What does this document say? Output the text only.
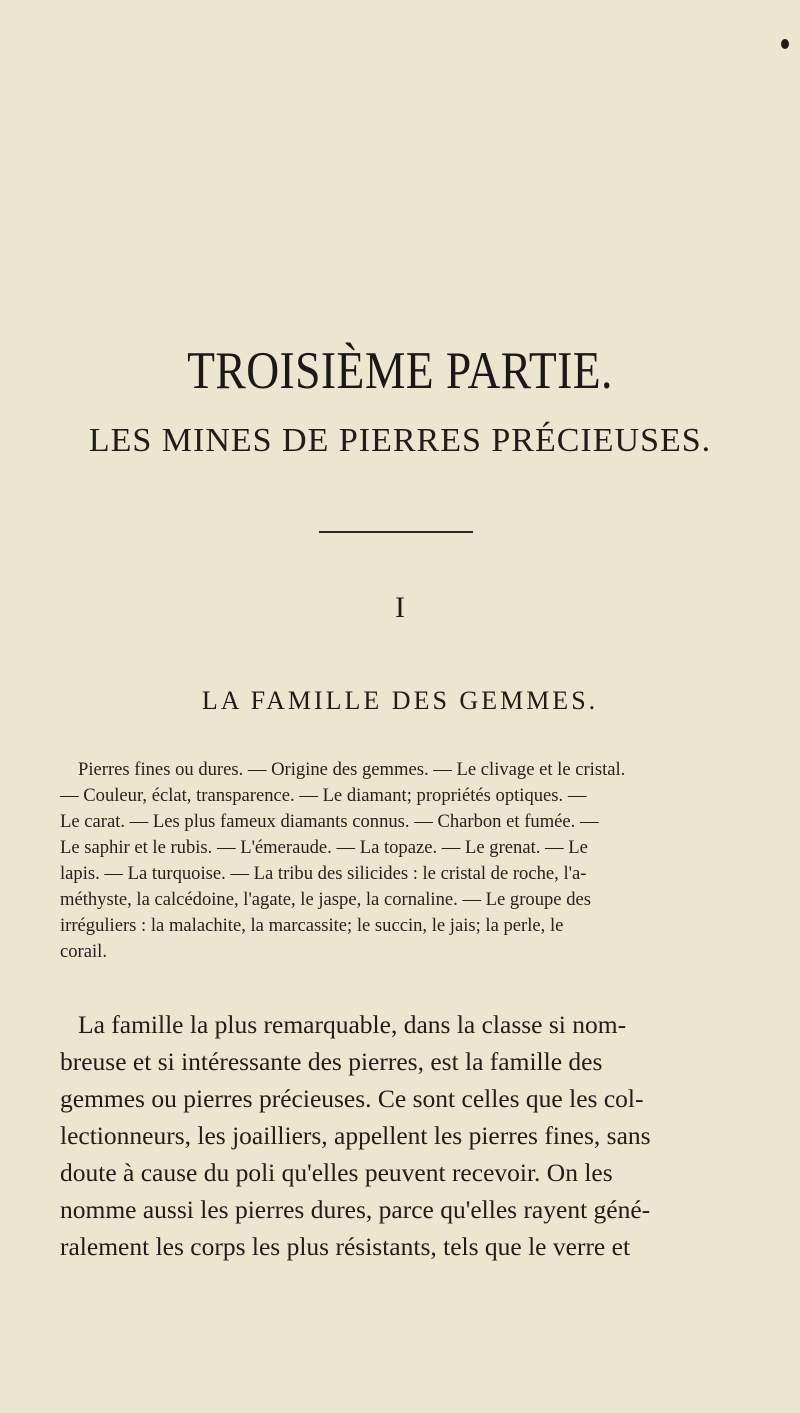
TROISIÈME PARTIE.
LES MINES DE PIERRES PRÉCIEUSES.
I
LA FAMILLE DES GEMMES.
Pierres fines ou dures. — Origine des gemmes. — Le clivage et le cristal.
— Couleur, éclat, transparence. — Le diamant; propriétés optiques. —
Le carat. — Les plus fameux diamants connus. — Charbon et fumée. —
Le saphir et le rubis. — L'émeraude. — La topaze. — Le grenat. — Le
lapis. — La turquoise. — La tribu des silicides : le cristal de roche, l'a-
méthyste, la calcédoine, l'agate, le jaspe, la cornaline. — Le groupe des
irréguliers : la malachite, la marcassite; le succin, le jais; la perle, le
corail.
La famille la plus remarquable, dans la classe si nom-
breuse et si intéressante des pierres, est la famille des
gemmes ou pierres précieuses. Ce sont celles que les col-
lectionneurs, les joailliers, appellent les pierres fines, sans
doute à cause du poli qu'elles peuvent recevoir. On les
nomme aussi les pierres dures, parce qu'elles rayent géné-
ralement les corps les plus résistants, tels que le verre et
